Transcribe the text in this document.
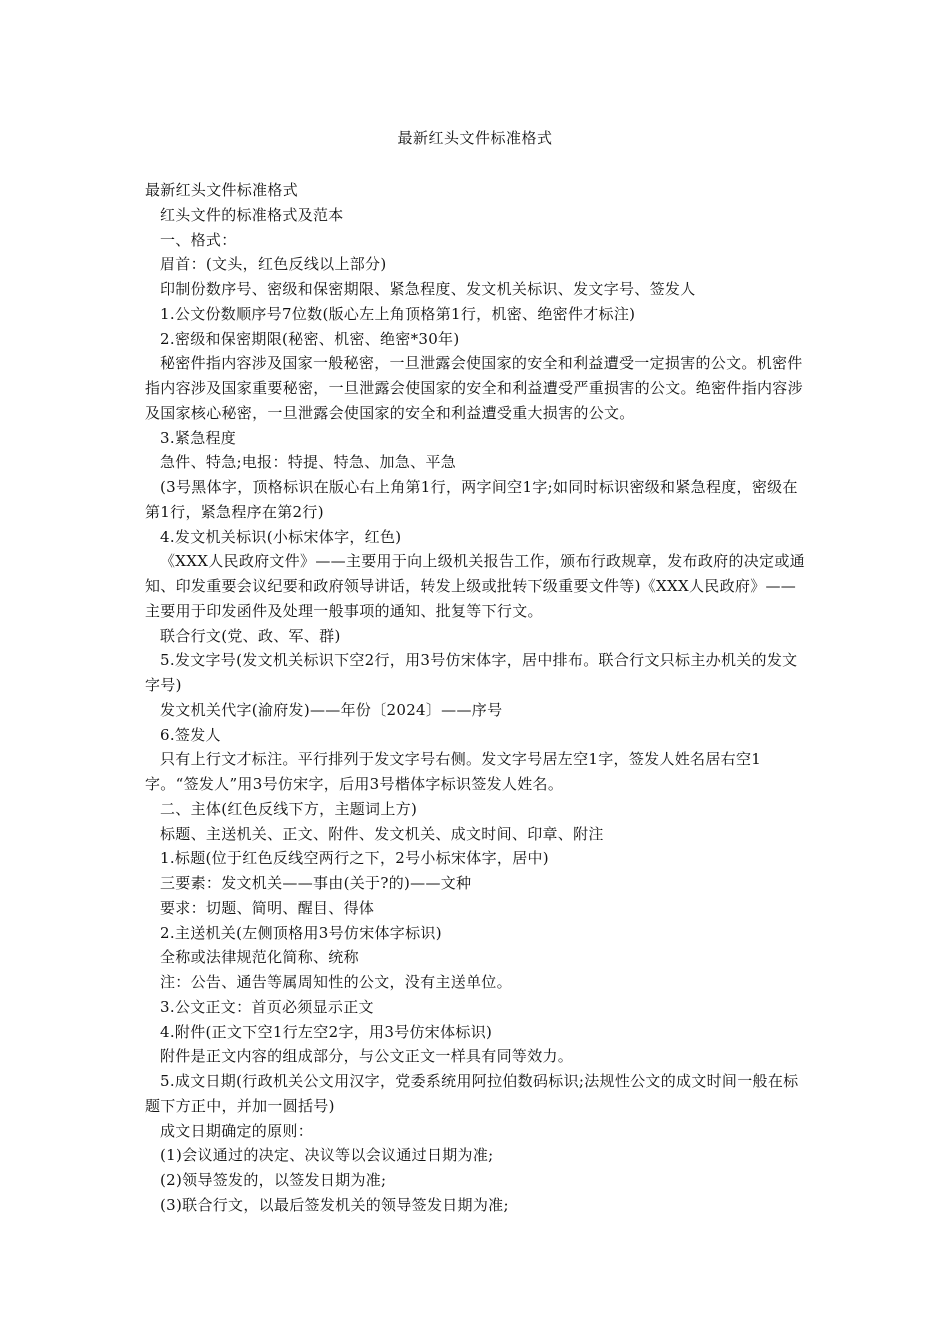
最新红头文件标准格式

最新红头文件标准格式

红头文件的标准格式及范本

一、格式：

眉首：(文头，红色反线以上部分)

印制份数序号、密级和保密期限、紧急程度、发文机关标识、发文字号、签发人

1.公文份数顺序号7位数(版心左上角顶格第1行，机密、绝密件才标注)

2.密级和保密期限(秘密、机密、绝密*30年)

秘密件指内容涉及国家一般秘密，一旦泄露会使国家的安全和利益遭受一定损害的公文。机密件指内容涉及国家重要秘密，一旦泄露会使国家的安全和利益遭受严重损害的公文。绝密件指内容涉及国家核心秘密，一旦泄露会使国家的安全和利益遭受重大损害的公文。

3.紧急程度

急件、特急;电报：特提、特急、加急、平急

(3号黑体字，顶格标识在版心右上角第1行，两字间空1字;如同时标识密级和紧急程度，密级在第1行，紧急程序在第2行)

4.发文机关标识(小标宋体字，红色)

《XXX人民政府文件》——主要用于向上级机关报告工作，颁布行政规章，发布政府的决定或通知、印发重要会议纪要和政府领导讲话，转发上级或批转下级重要文件等)《XXX人民政府》——主要用于印发函件及处理一般事项的通知、批复等下行文。

联合行文(党、政、军、群)

5.发文字号(发文机关标识下空2行，用3号仿宋体字，居中排布。联合行文只标主办机关的发文字号)

发文机关代字(渝府发)——年份〔2024〕——序号

6.签发人

只有上行文才标注。平行排列于发文字号右侧。发文字号居左空1字，签发人姓名居右空1字。“签发人”用3号仿宋字，后用3号楷体字标识签发人姓名。

二、主体(红色反线下方，主题词上方)

标题、主送机关、正文、附件、发文机关、成文时间、印章、附注

1.标题(位于红色反线空两行之下，2号小标宋体字，居中)

三要素：发文机关——事由(关于?的)——文种

要求：切题、简明、醒目、得体

2.主送机关(左侧顶格用3号仿宋体字标识)

全称或法律规范化简称、统称

注：公告、通告等属周知性的公文，没有主送单位。

3.公文正文：首页必须显示正文

4.附件(正文下空1行左空2字，用3号仿宋体标识)

附件是正文内容的组成部分，与公文正文一样具有同等效力。

5.成文日期(行政机关公文用汉字，党委系统用阿拉伯数码标识;法规性公文的成文时间一般在标题下方正中，并加一圆括号)

成文日期确定的原则：

(1)会议通过的决定、决议等以会议通过日期为准;

(2)领导签发的，以签发日期为准;

(3)联合行文，以最后签发机关的领导签发日期为准;
